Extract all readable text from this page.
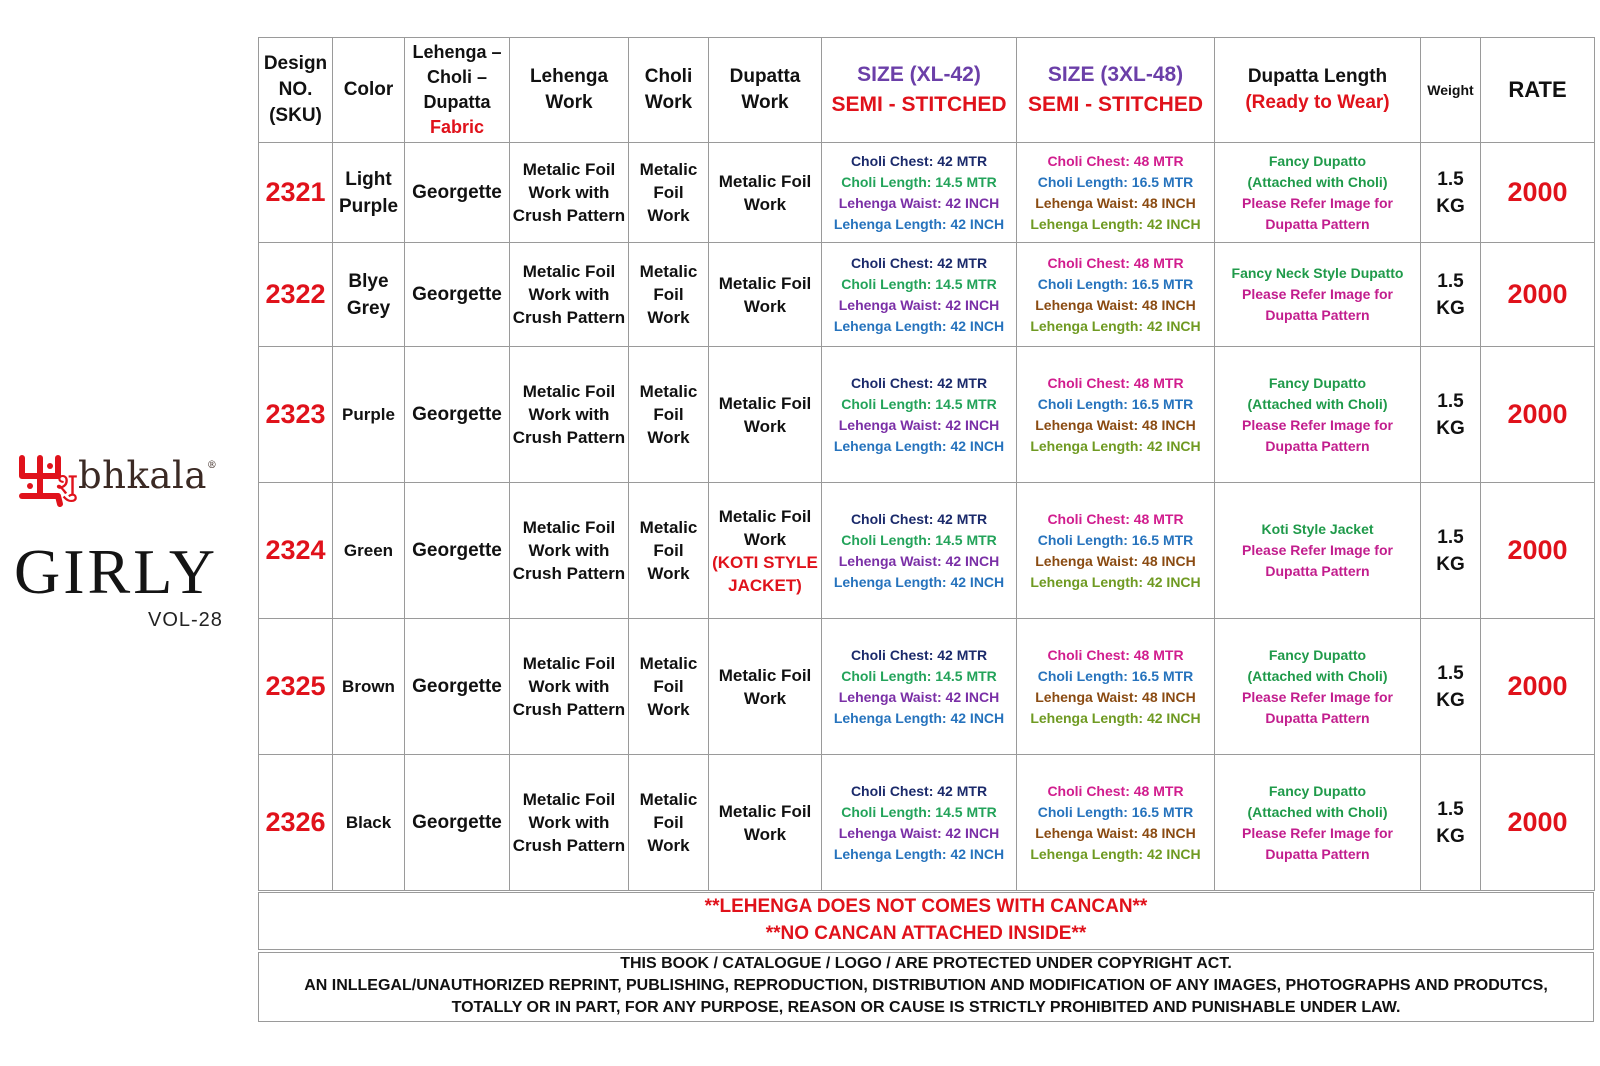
शु bhkala®
GIRLY
VOL-28
Design
NO.
(SKU)	Color	Lehenga –
Choli –
Dupatta
Fabric	Lehenga
Work	Choli
Work	Dupatta
Work	SIZE (XL-42)
SEMI - STITCHED	SIZE (3XL-48)
SEMI - STITCHED	Dupatta Length
(Ready to Wear)	Weight	RATE
2321	Light
Purple	Georgette	Metalic Foil
Work with
Crush Pattern	Metalic
Foil
Work	Metalic Foil
Work	Choli Chest: 42 MTR
Choli Length: 14.5 MTR
Lehenga Waist: 42 INCH
Lehenga Length: 42 INCH	Choli Chest: 48 MTR
Choli Length: 16.5 MTR
Lehenga Waist: 48 INCH
Lehenga Length: 42 INCH	Fancy Dupatto
(Attached with Choli)
Please Refer Image for
Dupatta Pattern	1.5
KG	2000
2322	Blye
Grey	Georgette	Metalic Foil
Work with
Crush Pattern	Metalic
Foil
Work	Metalic Foil
Work	Choli Chest: 42 MTR
Choli Length: 14.5 MTR
Lehenga Waist: 42 INCH
Lehenga Length: 42 INCH	Choli Chest: 48 MTR
Choli Length: 16.5 MTR
Lehenga Waist: 48 INCH
Lehenga Length: 42 INCH	Fancy Neck Style Dupatto
Please Refer Image for
Dupatta Pattern	1.5
KG	2000
2323	Purple	Georgette	Metalic Foil
Work with
Crush Pattern	Metalic
Foil
Work	Metalic Foil
Work	Choli Chest: 42 MTR
Choli Length: 14.5 MTR
Lehenga Waist: 42 INCH
Lehenga Length: 42 INCH	Choli Chest: 48 MTR
Choli Length: 16.5 MTR
Lehenga Waist: 48 INCH
Lehenga Length: 42 INCH	Fancy Dupatto
(Attached with Choli)
Please Refer Image for
Dupatta Pattern	1.5
KG	2000
2324	Green	Georgette	Metalic Foil
Work with
Crush Pattern	Metalic
Foil
Work	Metalic Foil
Work
(KOTI STYLE
JACKET)	Choli Chest: 42 MTR
Choli Length: 14.5 MTR
Lehenga Waist: 42 INCH
Lehenga Length: 42 INCH	Choli Chest: 48 MTR
Choli Length: 16.5 MTR
Lehenga Waist: 48 INCH
Lehenga Length: 42 INCH	Koti Style Jacket
Please Refer Image for
Dupatta Pattern	1.5
KG	2000
2325	Brown	Georgette	Metalic Foil
Work with
Crush Pattern	Metalic
Foil
Work	Metalic Foil
Work	Choli Chest: 42 MTR
Choli Length: 14.5 MTR
Lehenga Waist: 42 INCH
Lehenga Length: 42 INCH	Choli Chest: 48 MTR
Choli Length: 16.5 MTR
Lehenga Waist: 48 INCH
Lehenga Length: 42 INCH	Fancy Dupatto
(Attached with Choli)
Please Refer Image for
Dupatta Pattern	1.5
KG	2000
2326	Black	Georgette	Metalic Foil
Work with
Crush Pattern	Metalic
Foil
Work	Metalic Foil
Work	Choli Chest: 42 MTR
Choli Length: 14.5 MTR
Lehenga Waist: 42 INCH
Lehenga Length: 42 INCH	Choli Chest: 48 MTR
Choli Length: 16.5 MTR
Lehenga Waist: 48 INCH
Lehenga Length: 42 INCH	Fancy Dupatto
(Attached with Choli)
Please Refer Image for
Dupatta Pattern	1.5
KG	2000
**LEHENGA DOES NOT COMES WITH CANCAN**
**NO CANCAN ATTACHED INSIDE**
THIS BOOK / CATALOGUE / LOGO / ARE PROTECTED UNDER COPYRIGHT ACT.
AN INLLEGAL/UNAUTHORIZED REPRINT, PUBLISHING, REPRODUCTION, DISTRIBUTION AND MODIFICATION OF ANY IMAGES, PHOTOGRAPHS AND PRODUTCS,
TOTALLY OR IN PART, FOR ANY PURPOSE, REASON OR CAUSE IS STRICTLY PROHIBITED AND PUNISHABLE UNDER LAW.
